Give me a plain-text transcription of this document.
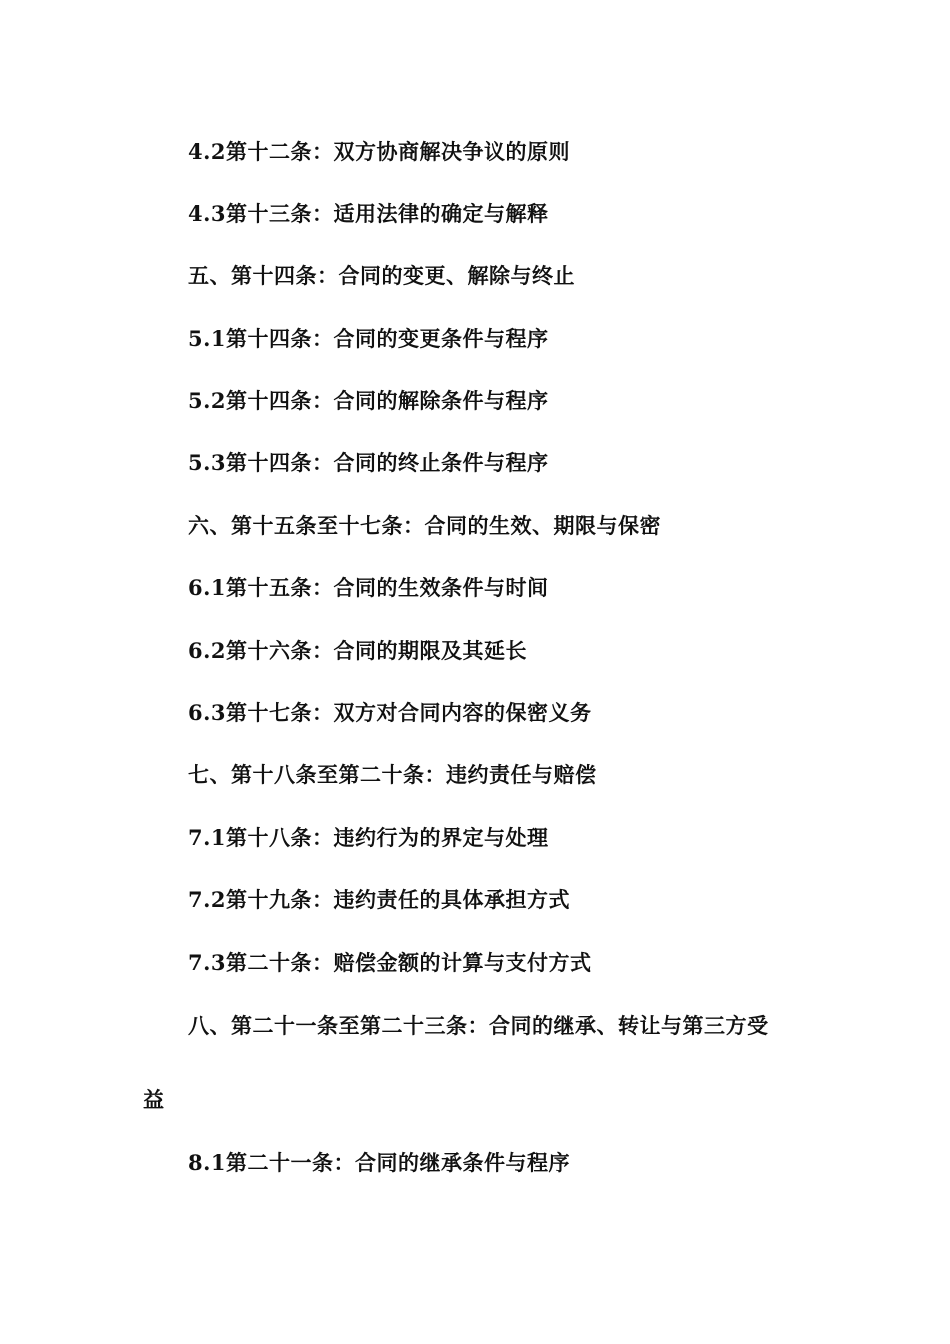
4.2第十二条：双方协商解决争议的原则
4.3第十三条：适用法律的确定与解释
五、第十四条：合同的变更、解除与终止
5.1第十四条：合同的变更条件与程序
5.2第十四条：合同的解除条件与程序
5.3第十四条：合同的终止条件与程序
六、第十五条至十七条：合同的生效、期限与保密
6.1第十五条：合同的生效条件与时间
6.2第十六条：合同的期限及其延长
6.3第十七条：双方对合同内容的保密义务
七、第十八条至第二十条：违约责任与赔偿
7.1第十八条：违约行为的界定与处理
7.2第十九条：违约责任的具体承担方式
7.3第二十条：赔偿金额的计算与支付方式
八、第二十一条至第二十三条：合同的继承、转让与第三方受
益
8.1第二十一条：合同的继承条件与程序
